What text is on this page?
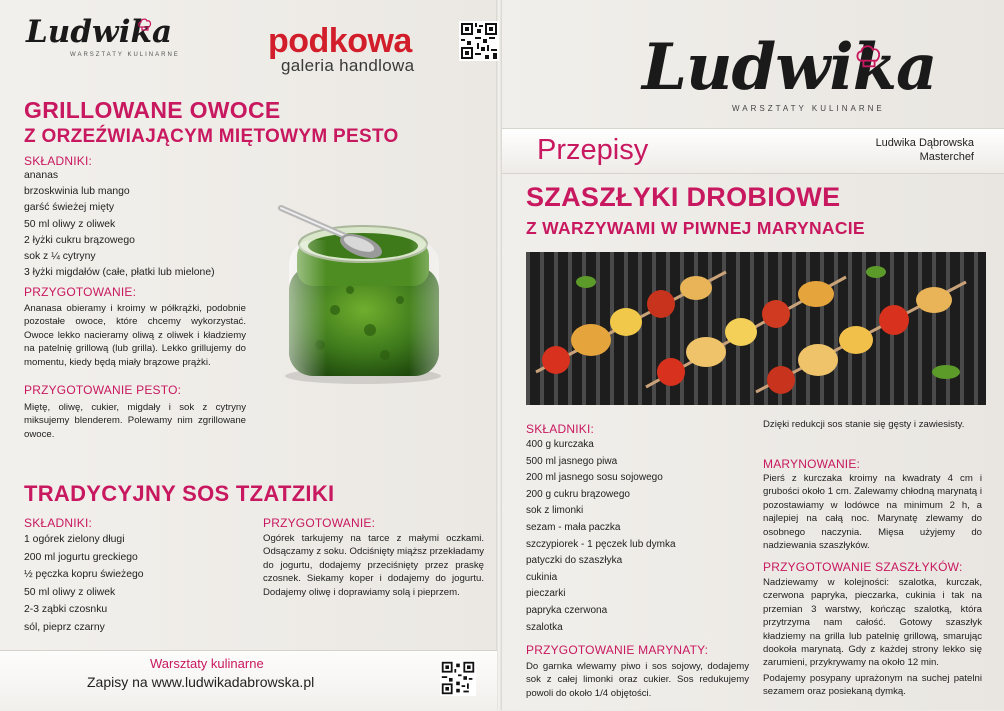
Ludwika
WARSZTATY KULINARNE	podkowa
galeria handlowa
GRILLOWANE OWOCE
Z ORZEŹWIAJĄCYM MIĘTOWYM PESTO
SKŁADNIKI:
ananas
brzoskwinia lub mango
garść świeżej mięty
50 ml oliwy z oliwek
2 łyżki cukru brązowego
sok z ¼ cytryny
3 łyżki migdałów (całe, płatki lub mielone)
PRZYGOTOWANIE:
Ananasa obieramy i kroimy w półkrążki, podobnie pozostałe owoce, które chcemy wykorzystać. Owoce lekko nacieramy oliwą z oliwek i kładziemy na patelnię grillową (lub grilla). Lekko grillujemy do momentu, kiedy będą miały brązowe prążki.
PRZYGOTOWANIE PESTO:
Miętę, oliwę, cukier, migdały i sok z cytryny miksujemy blenderem. Polewamy nim zgrillowane owoce.
TRADYCYJNY SOS TZATZIKI
SKŁADNIKI:
1 ogórek zielony długi
200 ml jogurtu greckiego
½ pęczka kopru świeżego
50 ml oliwy z oliwek
2-3 ząbki czosnku
sól, pieprz czarny
PRZYGOTOWANIE:
Ogórek tarkujemy na tarce z małymi oczkami. Odsączamy z soku. Odciśnięty miąższ przekładamy do jogurtu, dodajemy przeciśnięty przez praskę czosnek. Siekamy koper i dodajemy do jogurtu. Dodajemy oliwę i doprawiamy solą i pieprzem.
Warsztaty kulinarne
Zapisy na www.ludwikadabrowska.pl
Ludwika
WARSZTATY KULINARNE
Przepisy	Ludwika Dąbrowska
Masterchef
SZASZŁYKI DROBIOWE
Z WARZYWAMI W PIWNEJ MARYNACIE
SKŁADNIKI:
400 g kurczaka
500 ml jasnego piwa
200 ml jasnego sosu sojowego
200 g cukru brązowego
sok z limonki
sezam - mała paczka
szczypiorek - 1 pęczek lub dymka
patyczki do szaszłyka
cukinia
pieczarki
papryka czerwona
szalotka
PRZYGOTOWANIE MARYNATY:
Do garnka wlewamy piwo i sos sojowy, dodajemy sok z całej limonki oraz cukier. Sos redukujemy powoli do około 1/4 objętości.
Dzięki redukcji sos stanie się gęsty i zawiesisty.
MARYNOWANIE:
Pierś z kurczaka kroimy na kwadraty 4 cm i grubości około 1 cm. Zalewamy chłodną marynatą i pozostawiamy w lodówce na minimum 2 h, a najlepiej na całą noc. Marynatę zlewamy do osobnego naczynia. Mięsa użyjemy do nadziewania szaszłyków.
PRZYGOTOWANIE SZASZŁYKÓW:
Nadziewamy w kolejności: szalotka, kurczak, czerwona papryka, pieczarka, cukinia i tak na przemian 3 warstwy, kończąc szalotką, która przytrzyma nam całość. Gotowy szaszłyk kładziemy na grilla lub patelnię grillową, smarując dookoła marynatą. Gdy z każdej strony lekko się zarumieni, przykrywamy na około 12 min.
Podajemy posypany uprażonym na suchej patelni sezamem oraz posiekaną dymką.
